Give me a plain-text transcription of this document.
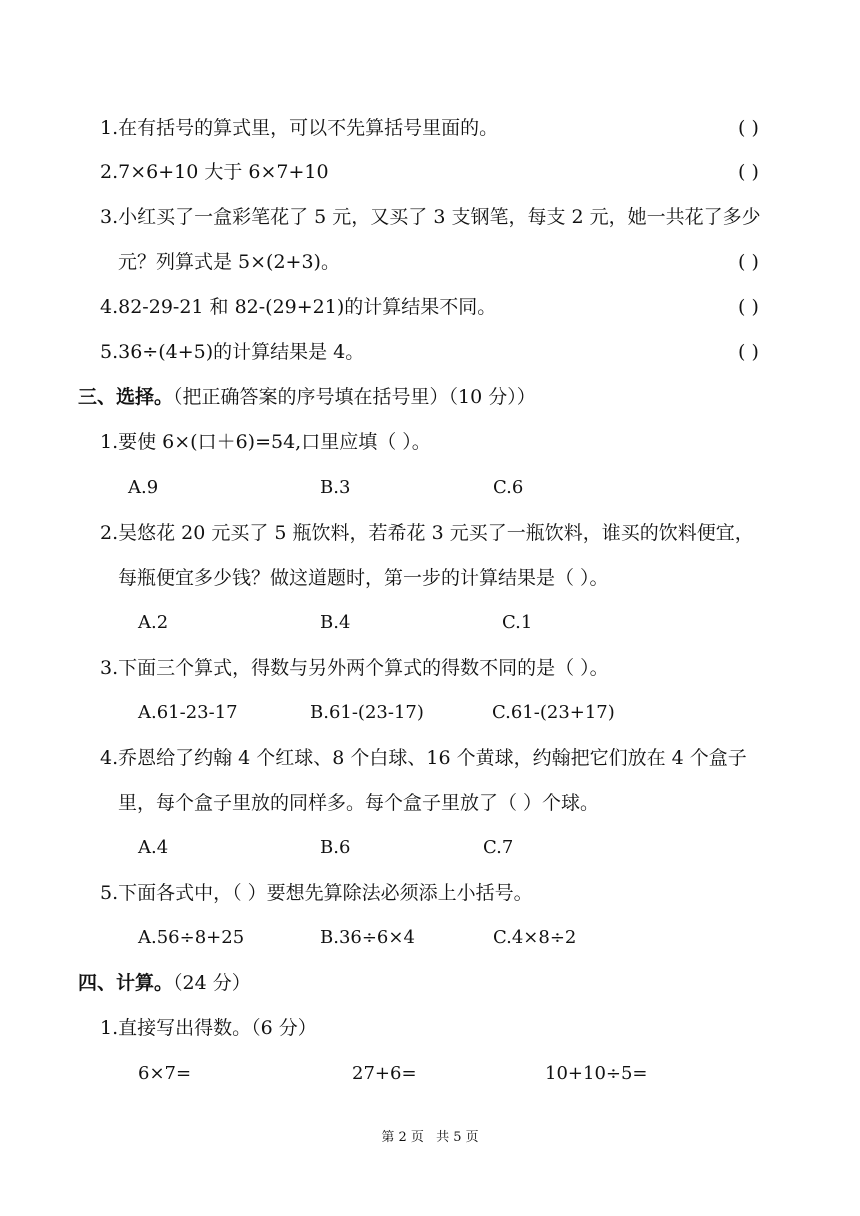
1.在有括号的算式里，可以不先算括号里面的。	( )
2.7×6+10 大于 6×7+10	( )
3.小红买了一盒彩笔花了 5 元，又买了 3 支钢笔，每支 2 元，她一共花了多少
元？列算式是 5×(2+3)。	( )
4.82-29-21 和 82-(29+21)的计算结果不同。	( )
5.36÷(4+5)的计算结果是 4。	( )
三、选择。（把正确答案的序号填在括号里）（10 分））
1.要使 6×(口＋6)=54,口里应填（ ）。
A.9	B.3	C.6
2.吴悠花 20 元买了 5 瓶饮料，若希花 3 元买了一瓶饮料，谁买的饮料便宜，
每瓶便宜多少钱？做这道题时，第一步的计算结果是（ ）。
A.2	B.4	C.1
3.下面三个算式，得数与另外两个算式的得数不同的是（ ）。
A.61-23-17	B.61-(23-17)	C.61-(23+17)
4.乔恩给了约翰 4 个红球、8 个白球、16 个黄球，约翰把它们放在 4 个盒子
里，每个盒子里放的同样多。每个盒子里放了（ ）个球。
A.4	B.6	C.7
5.下面各式中，（ ）要想先算除法必须添上小括号。
A.56÷8+25	B.36÷6×4	C.4×8÷2
四、计算。（24 分）
1.直接写出得数。（6 分）
6×7=	27+6=	10+10÷5=
第 2 页 共 5 页
